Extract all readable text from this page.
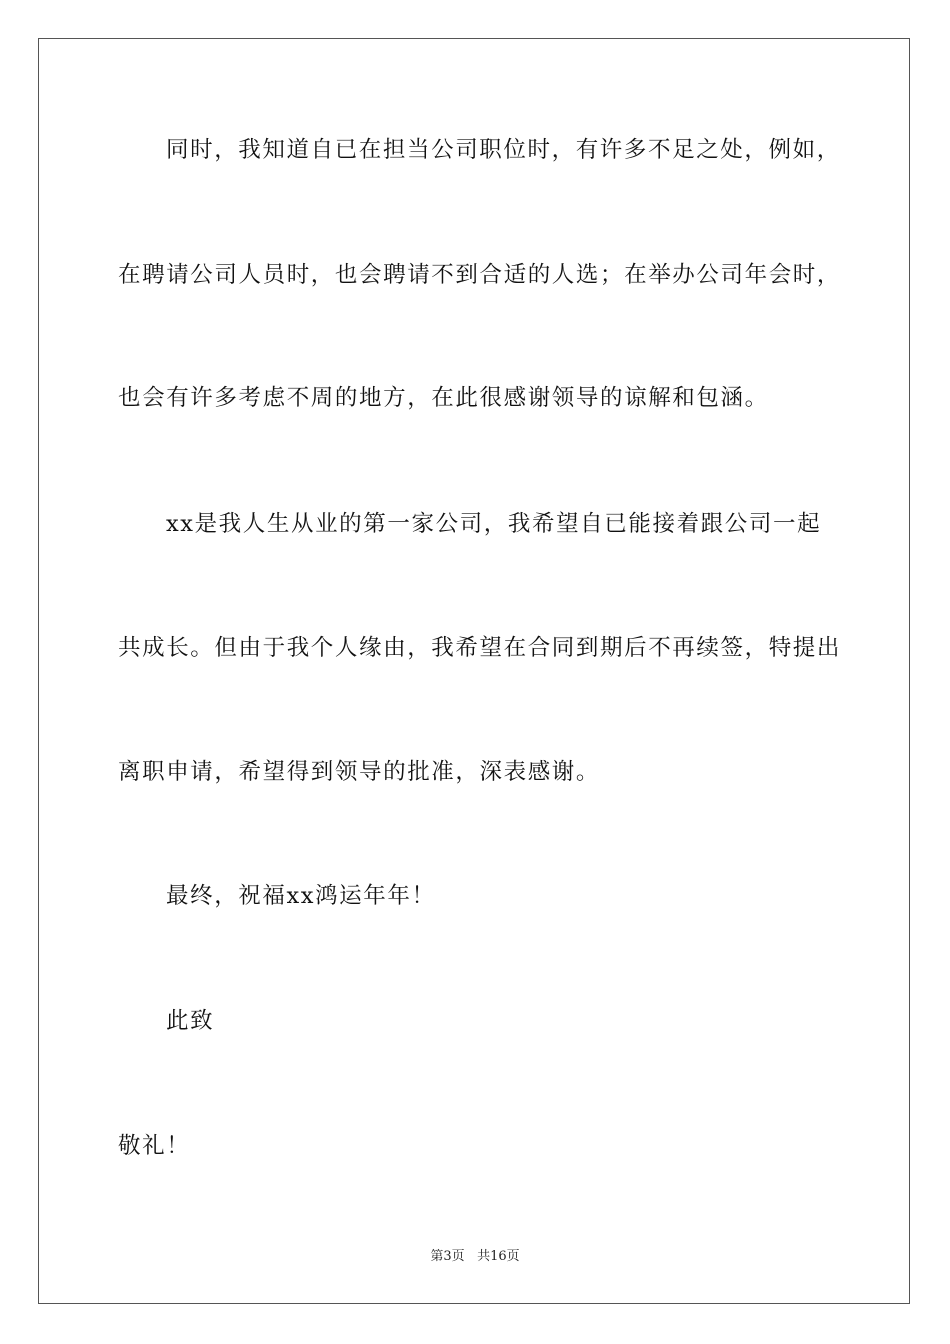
同时，我知道自已在担当公司职位时，有许多不足之处，例如，
在聘请公司人员时，也会聘请不到合适的人选；在举办公司年会时，
也会有许多考虑不周的地方，在此很感谢领导的谅解和包涵。
xx是我人生从业的第一家公司，我希望自已能接着跟公司一起
共成长。但由于我个人缘由，我希望在合同到期后不再续签，特提出
离职申请，希望得到领导的批准，深表感谢。
最终，祝福xx鸿运年年！
此致
敬礼！
第3页 共16页
